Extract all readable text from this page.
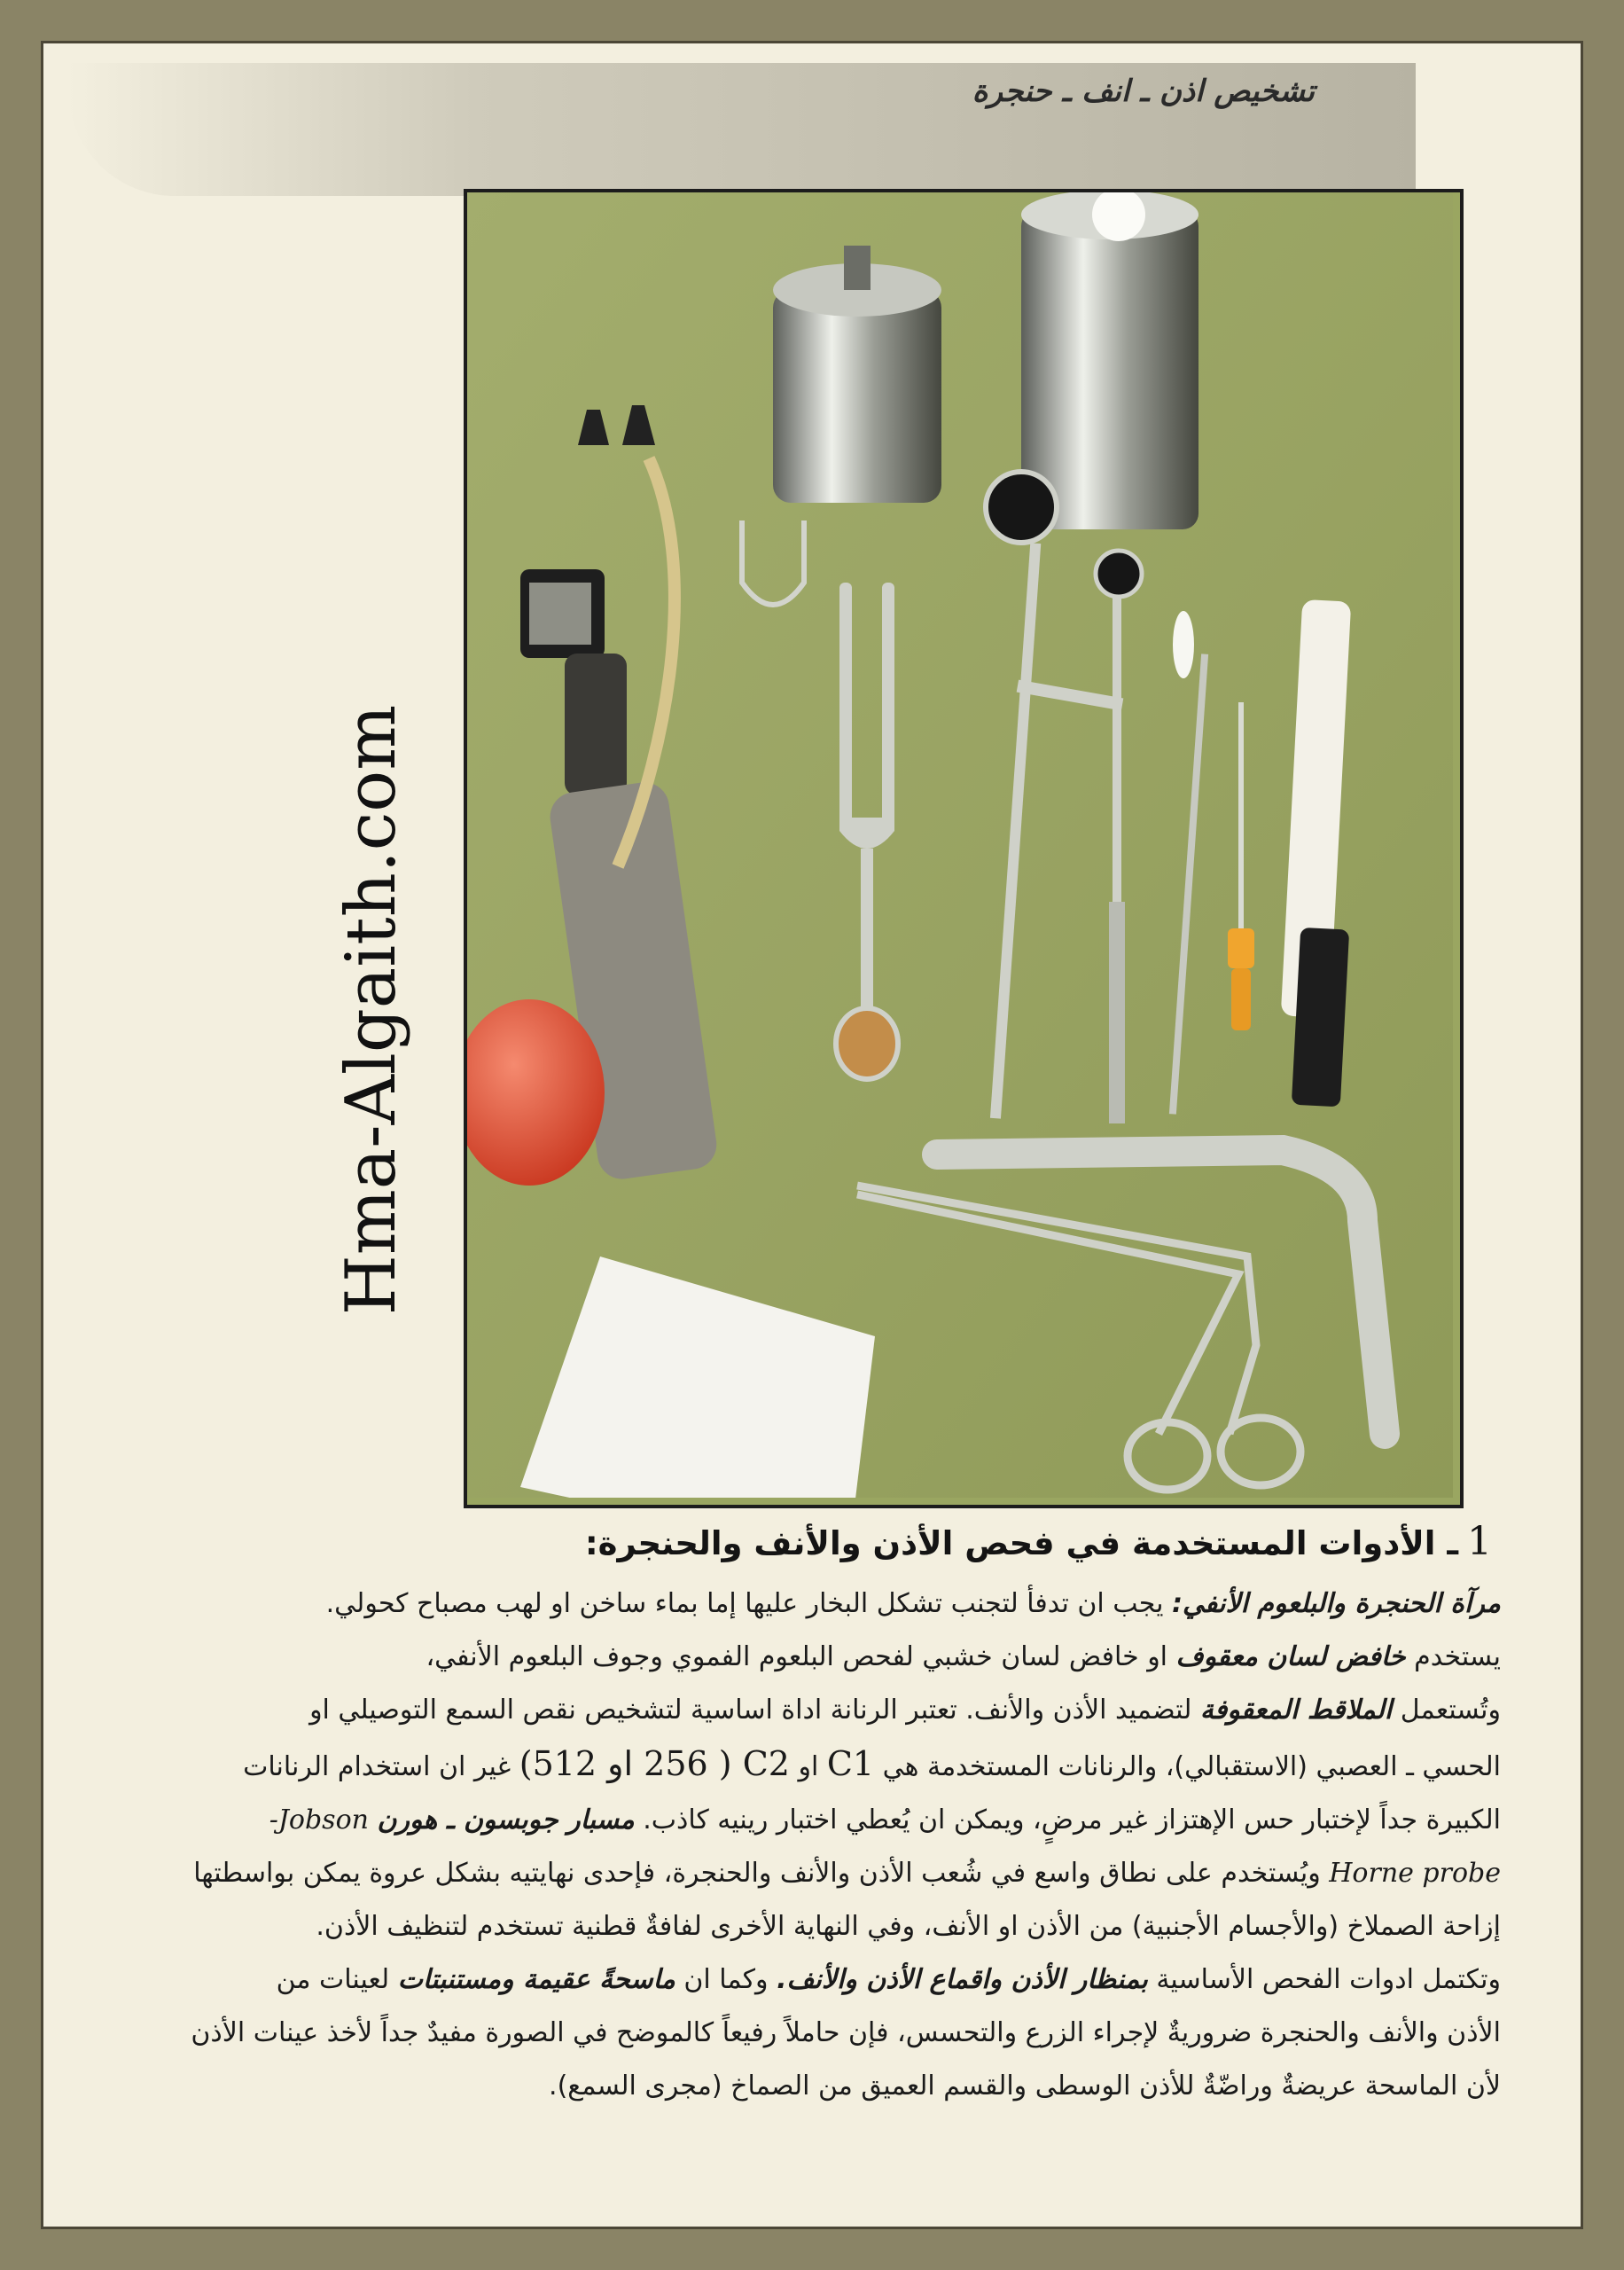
تشخيص اذن ـ انف ـ حنجرة
Hma-Algaith.com
1ـ الأدوات المستخدمة في فحص الأذن والأنف والحنجرة:

مرآة الحنجرة والبلعوم الأنفي: يجب ان تدفأ لتجنب تشكل البخار عليها إما بماء ساخن او لهب مصباح كحولي.

يستخدم خافض لسان معقوف او خافض لسان خشبي لفحص البلعوم الفموي وجوف البلعوم الأنفي،

وتُستعمل الملاقط المعقوفة لتضميد الأذن والأنف. تعتبر الرنانة اداة اساسية لتشخيص نقص السمع التوصيلي او

الحسي ـ العصبي (الاستقبالي)، والرنانات المستخدمة هي C1 او C2 ( 256 او 512) غير ان استخدام الرنانات

الكبيرة جداً لإختبار حس الإهتزاز غير مرضٍ، ويمكن ان يُعطي اختبار رينيه كاذب. مسبار جوبسون ـ هورن Jobson-

Horne probe ويُستخدم على نطاق واسع في شُعب الأذن والأنف والحنجرة، فإحدى نهايتيه بشكل عروة يمكن بواسطتها

إزاحة الصملاخ (والأجسام الأجنبية) من الأذن او الأنف، وفي النهاية الأخرى لفافةٌ قطنية تستخدم لتنظيف الأذن.

وتكتمل ادوات الفحص الأساسية بمنظار الأذن واقماع الأذن والأنف. وكما ان ماسحةً عقيمة ومستنبتات لعينات من

الأذن والأنف والحنجرة ضروريةٌ لإجراء الزرع والتحسس، فإن حاملاً رفيعاً كالموضح في الصورة مفيدٌ جداً لأخذ عينات الأذن

لأن الماسحة عريضةٌ وراضّةٌ للأذن الوسطى والقسم العميق من الصماخ (مجرى السمع).
